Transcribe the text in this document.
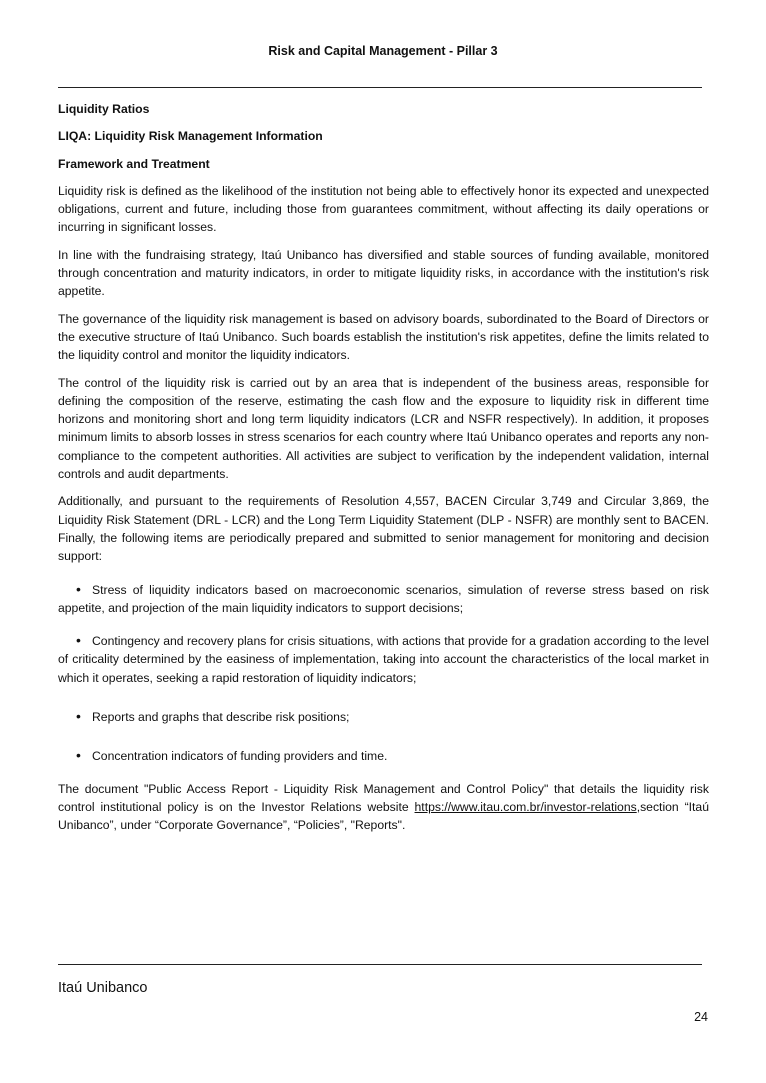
Risk and Capital Management - Pillar 3
Liquidity Ratios
LIQA: Liquidity Risk Management Information
Framework and Treatment
Liquidity risk is defined as the likelihood of the institution not being able to effectively honor its expected and unexpected obligations, current and future, including those from guarantees commitment, without affecting its daily operations or incurring in significant losses.
In line with the fundraising strategy, Itaú Unibanco has diversified and stable sources of funding available, monitored through concentration and maturity indicators, in order to mitigate liquidity risks, in accordance with the institution's risk appetite.
The governance of the liquidity risk management is based on advisory boards, subordinated to the Board of Directors or the executive structure of Itaú Unibanco. Such boards establish the institution's risk appetites, define the limits related to the liquidity control and monitor the liquidity indicators.
The control of the liquidity risk is carried out by an area that is independent of the business areas, responsible for defining the composition of the reserve, estimating the cash flow and the exposure to liquidity risk in different time horizons and monitoring short and long term liquidity indicators (LCR and NSFR respectively). In addition, it proposes minimum limits to absorb losses in stress scenarios for each country where Itaú Unibanco operates and reports any non-compliance to the competent authorities. All activities are subject to verification by the independent validation, internal controls and audit departments.
Additionally, and pursuant to the requirements of Resolution 4,557, BACEN Circular 3,749 and Circular 3,869, the Liquidity Risk Statement (DRL - LCR) and the Long Term Liquidity Statement (DLP - NSFR) are monthly sent to BACEN. Finally, the following items are periodically prepared and submitted to senior management for monitoring and decision support:
• Stress of liquidity indicators based on macroeconomic scenarios, simulation of reverse stress based on risk appetite, and projection of the main liquidity indicators to support decisions;
• Contingency and recovery plans for crisis situations, with actions that provide for a gradation according to the level of criticality determined by the easiness of implementation, taking into account the characteristics of the local market in which it operates, seeking a rapid restoration of liquidity indicators;
• Reports and graphs that describe risk positions;
• Concentration indicators of funding providers and time.
The document "Public Access Report - Liquidity Risk Management and Control Policy" that details the liquidity risk control institutional policy is on the Investor Relations website https://www.itau.com.br/investor-relations,section “Itaú Unibanco”, under “Corporate Governance”, “Policies”, "Reports".
Itaú Unibanco
24
